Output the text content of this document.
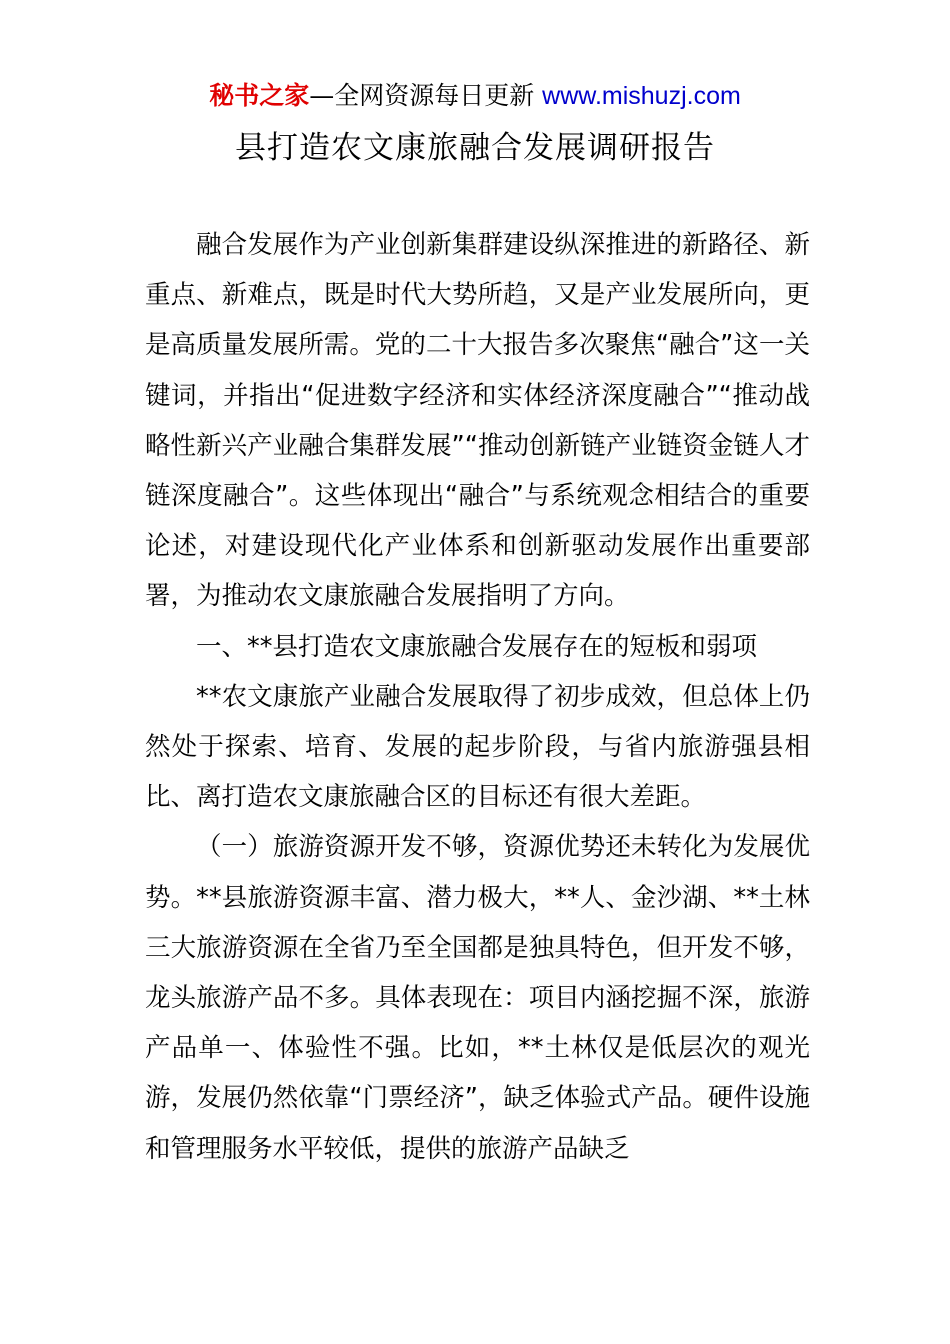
秘书之家—全网资源每日更新 www.mishuzj.com
县打造农文康旅融合发展调研报告

融合发展作为产业创新集群建设纵深推进的新路径、新重点、新难点，既是时代大势所趋，又是产业发展所向，更是高质量发展所需。党的二十大报告多次聚焦“融合”这一关键词，并指出“促进数字经济和实体经济深度融合”“推动战略性新兴产业融合集群发展”“推动创新链产业链资金链人才链深度融合”。这些体现出“融合”与系统观念相结合的重要论述，对建设现代化产业体系和创新驱动发展作出重要部署，为推动农文康旅融合发展指明了方向。

一、**县打造农文康旅融合发展存在的短板和弱项

**农文康旅产业融合发展取得了初步成效，但总体上仍然处于探索、培育、发展的起步阶段，与省内旅游强县相比、离打造农文康旅融合区的目标还有很大差距。

（一）旅游资源开发不够，资源优势还未转化为发展优势。**县旅游资源丰富、潜力极大，**人、金沙湖、**土林三大旅游资源在全省乃至全国都是独具特色，但开发不够，龙头旅游产品不多。具体表现在：项目内涵挖掘不深，旅游产品单一、体验性不强。比如，**土林仅是低层次的观光游，发展仍然依靠“门票经济”，缺乏体验式产品。硬件设施和管理服务水平较低，提供的旅游产品缺乏
